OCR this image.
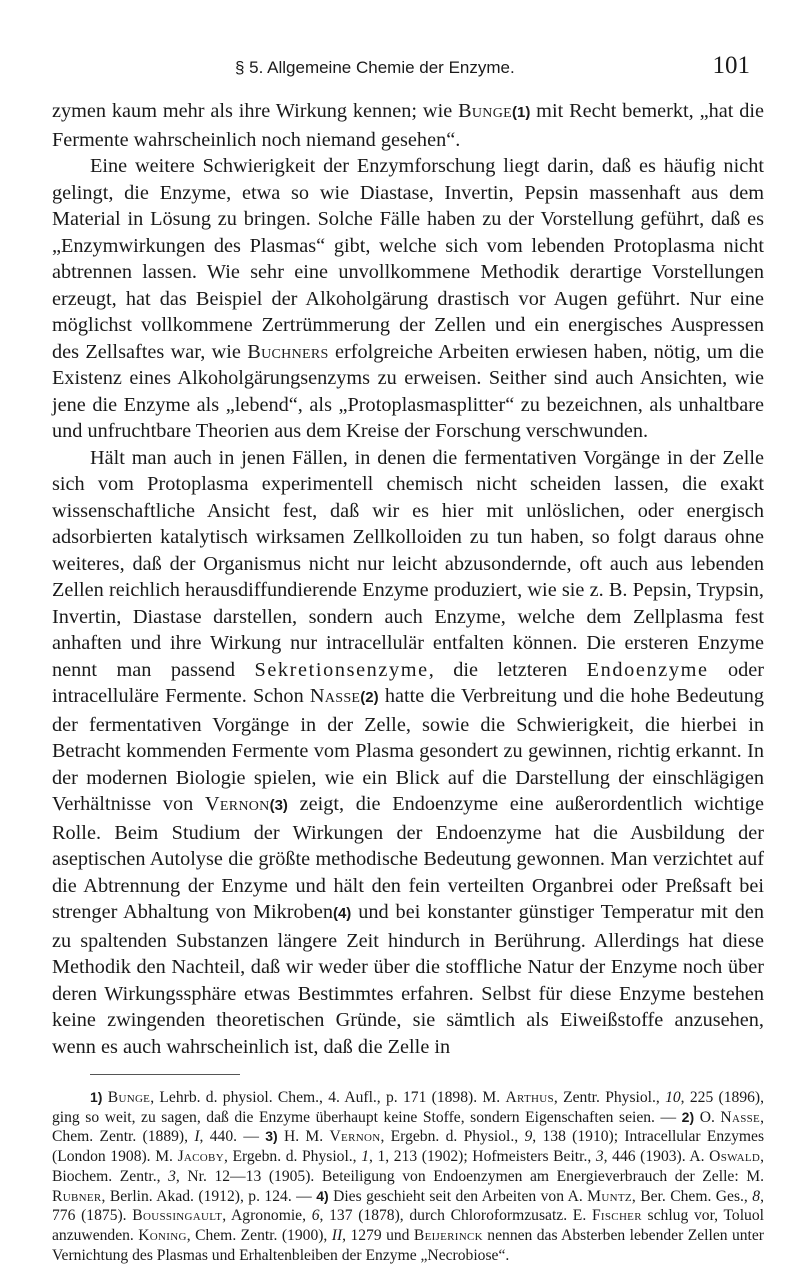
§ 5. Allgemeine Chemie der Enzyme.	101

zymen kaum mehr als ihre Wirkung kennen; wie Bunge(1) mit Recht bemerkt, „hat die Fermente wahrscheinlich noch niemand gesehen“.

Eine weitere Schwierigkeit der Enzymforschung liegt darin, daß es häufig nicht gelingt, die Enzyme, etwa so wie Diastase, Invertin, Pepsin massenhaft aus dem Material in Lösung zu bringen. Solche Fälle haben zu der Vorstellung geführt, daß es „Enzymwirkungen des Plasmas“ gibt, welche sich vom lebenden Protoplasma nicht abtrennen lassen. Wie sehr eine unvollkommene Methodik derartige Vorstellungen erzeugt, hat das Beispiel der Alkoholgärung drastisch vor Augen geführt. Nur eine möglichst vollkommene Zertrümmerung der Zellen und ein energisches Auspressen des Zellsaftes war, wie Buchners erfolgreiche Arbeiten erwiesen haben, nötig, um die Existenz eines Alkoholgärungsenzyms zu erweisen. Seither sind auch Ansichten, wie jene die Enzyme als „lebend“, als „Protoplasmasplitter“ zu bezeichnen, als unhaltbare und unfruchtbare Theorien aus dem Kreise der Forschung verschwunden.

Hält man auch in jenen Fällen, in denen die fermentativen Vorgänge in der Zelle sich vom Protoplasma experimentell chemisch nicht scheiden lassen, die exakt wissenschaftliche Ansicht fest, daß wir es hier mit unlöslichen, oder energisch adsorbierten katalytisch wirksamen Zellkolloiden zu tun haben, so folgt daraus ohne weiteres, daß der Organismus nicht nur leicht abzusondernde, oft auch aus lebenden Zellen reichlich herausdiffundierende Enzyme produziert, wie sie z. B. Pepsin, Trypsin, Invertin, Diastase darstellen, sondern auch Enzyme, welche dem Zellplasma fest anhaften und ihre Wirkung nur intracellulär entfalten können. Die ersteren Enzyme nennt man passend Sekretionsenzyme, die letzteren Endoenzyme oder intracelluläre Fermente. Schon Nasse(2) hatte die Verbreitung und die hohe Bedeutung der fermentativen Vorgänge in der Zelle, sowie die Schwierigkeit, die hierbei in Betracht kommenden Fermente vom Plasma gesondert zu gewinnen, richtig erkannt. In der modernen Biologie spielen, wie ein Blick auf die Darstellung der einschlägigen Verhältnisse von Vernon(3) zeigt, die Endoenzyme eine außerordentlich wichtige Rolle. Beim Studium der Wirkungen der Endoenzyme hat die Ausbildung der aseptischen Autolyse die größte methodische Bedeutung gewonnen. Man verzichtet auf die Abtrennung der Enzyme und hält den fein verteilten Organbrei oder Preßsaft bei strenger Abhaltung von Mikroben(4) und bei konstanter günstiger Temperatur mit den zu spaltenden Substanzen längere Zeit hindurch in Berührung. Allerdings hat diese Methodik den Nachteil, daß wir weder über die stoffliche Natur der Enzyme noch über deren Wirkungssphäre etwas Bestimmtes erfahren. Selbst für diese Enzyme bestehen keine zwingenden theoretischen Gründe, sie sämtlich als Eiweißstoffe anzusehen, wenn es auch wahrscheinlich ist, daß die Zelle in

1) Bunge, Lehrb. d. physiol. Chem., 4. Aufl., p. 171 (1898). M. Arthus, Zentr. Physiol., 10, 225 (1896), ging so weit, zu sagen, daß die Enzyme überhaupt keine Stoffe, sondern Eigenschaften seien. — 2) O. Nasse, Chem. Zentr. (1889), I, 440. — 3) H. M. Vernon, Ergebn. d. Physiol., 9, 138 (1910); Intracellular Enzymes (London 1908). M. Jacoby, Ergebn. d. Physiol., 1, 1, 213 (1902); Hofmeisters Beitr., 3, 446 (1903). A. Oswald, Biochem. Zentr., 3, Nr. 12—13 (1905). Beteiligung von Endoenzymen am Energieverbrauch der Zelle: M. Rubner, Berlin. Akad. (1912), p. 124. — 4) Dies geschieht seit den Arbeiten von A. Muntz, Ber. Chem. Ges., 8, 776 (1875). Boussingault, Agronomie, 6, 137 (1878), durch Chloroformzusatz. E. Fischer schlug vor, Toluol anzuwenden. Koning, Chem. Zentr. (1900), II, 1279 und Beijerinck nennen das Absterben lebender Zellen unter Vernichtung des Plasmas und Erhaltenbleiben der Enzyme „Necrobiose“.
